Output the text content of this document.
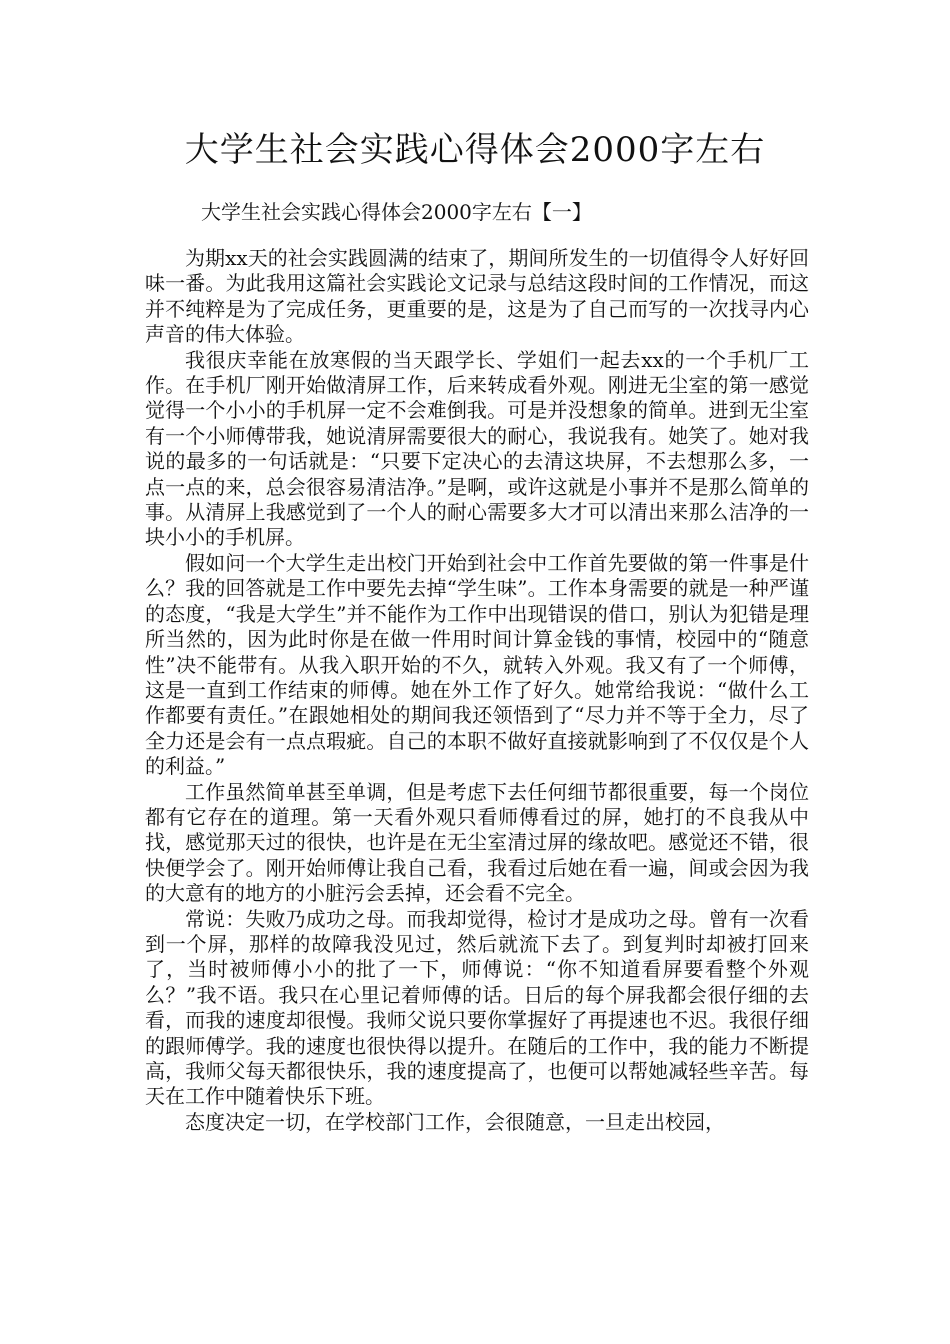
大学生社会实践心得体会2000字左右
大学生社会实践心得体会2000字左右【一】

为期xx天的社会实践圆满的结束了，期间所发生的一切值得令人好好回味一番。为此我用这篇社会实践论文记录与总结这段时间的工作情况，而这并不纯粹是为了完成任务，更重要的是，这是为了自己而写的一次找寻内心声音的伟大体验。

我很庆幸能在放寒假的当天跟学长、学姐们一起去xx的一个手机厂工作。在手机厂刚开始做清屏工作，后来转成看外观。刚进无尘室的第一感觉觉得一个小小的手机屏一定不会难倒我。可是并没想象的简单。进到无尘室有一个小师傅带我，她说清屏需要很大的耐心，我说我有。她笑了。她对我说的最多的一句话就是：“只要下定决心的去清这块屏，不去想那么多，一点一点的来，总会很容易清洁净。”是啊，或许这就是小事并不是那么简单的事。从清屏上我感觉到了一个人的耐心需要多大才可以清出来那么洁净的一块小小的手机屏。

假如问一个大学生走出校门开始到社会中工作首先要做的第一件事是什么？我的回答就是工作中要先去掉“学生味”。工作本身需要的就是一种严谨的态度，“我是大学生”并不能作为工作中出现错误的借口，别认为犯错是理所当然的，因为此时你是在做一件用时间计算金钱的事情，校园中的“随意性”决不能带有。从我入职开始的不久，就转入外观。我又有了一个师傅，这是一直到工作结束的师傅。她在外工作了好久。她常给我说：“做什么工作都要有责任。”在跟她相处的期间我还领悟到了“尽力并不等于全力，尽了全力还是会有一点点瑕疵。自己的本职不做好直接就影响到了不仅仅是个人的利益。”

工作虽然简单甚至单调，但是考虑下去任何细节都很重要，每一个岗位都有它存在的道理。第一天看外观只看师傅看过的屏，她打的不良我从中找，感觉那天过的很快，也许是在无尘室清过屏的缘故吧。感觉还不错，很快便学会了。刚开始师傅让我自己看，我看过后她在看一遍，间或会因为我的大意有的地方的小脏污会丢掉，还会看不完全。

常说：失败乃成功之母。而我却觉得，检讨才是成功之母。曾有一次看到一个屏，那样的故障我没见过，然后就流下去了。到复判时却被打回来了，当时被师傅小小的批了一下，师傅说：“你不知道看屏要看整个外观么？”我不语。我只在心里记着师傅的话。日后的每个屏我都会很仔细的去看，而我的速度却很慢。我师父说只要你掌握好了再提速也不迟。我很仔细的跟师傅学。我的速度也很快得以提升。在随后的工作中，我的能力不断提高，我师父每天都很快乐，我的速度提高了，也便可以帮她减轻些辛苦。每天在工作中随着快乐下班。

态度决定一切，在学校部门工作，会很随意，一旦走出校园，
